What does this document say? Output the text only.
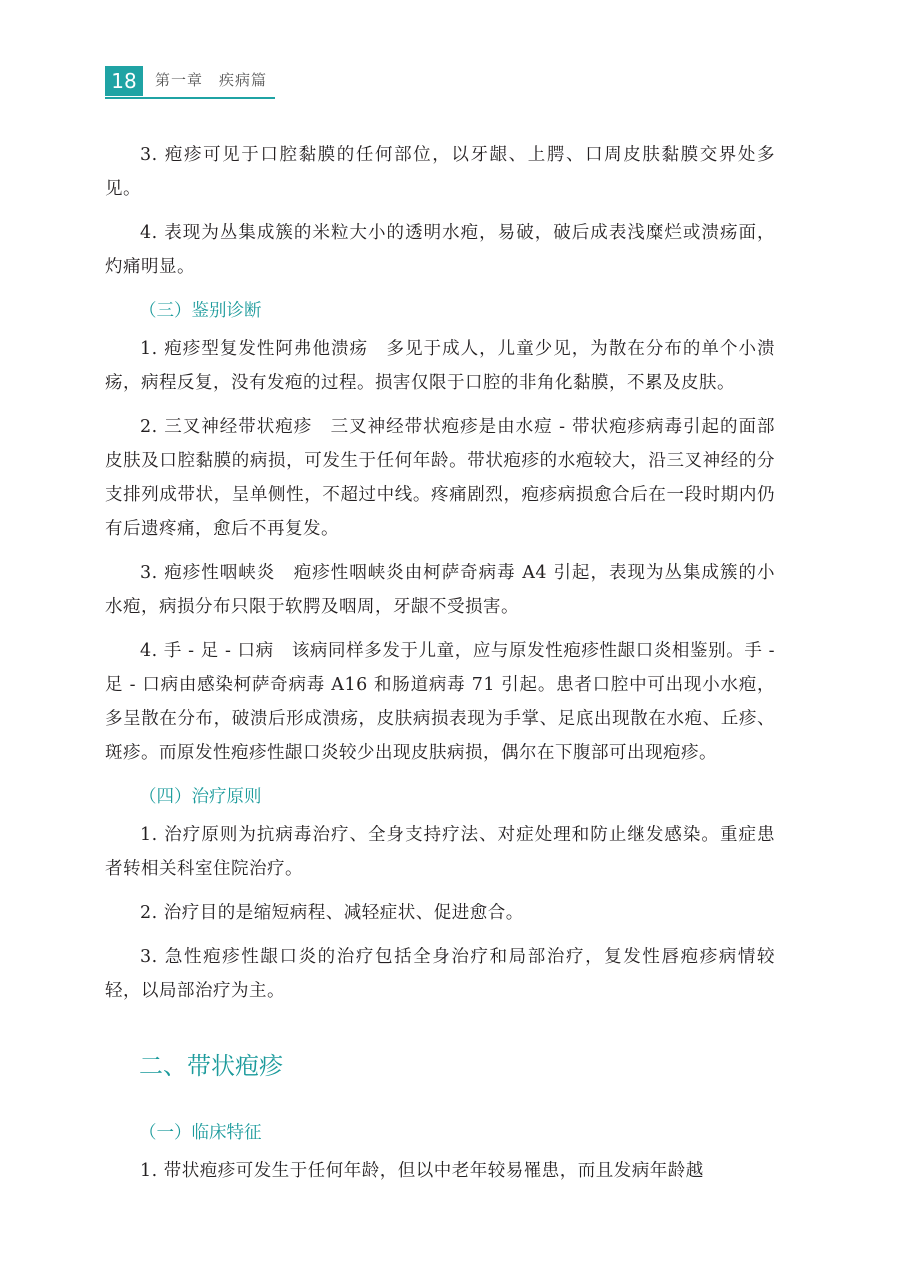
18	第一章　疾病篇

3. 疱疹可见于口腔黏膜的任何部位，以牙龈、上腭、口周皮肤黏膜交界处多见。

4. 表现为丛集成簇的米粒大小的透明水疱，易破，破后成表浅糜烂或溃疡面，灼痛明显。

（三）鉴别诊断

1. 疱疹型复发性阿弗他溃疡　多见于成人，儿童少见，为散在分布的单个小溃疡，病程反复，没有发疱的过程。损害仅限于口腔的非角化黏膜，不累及皮肤。

2. 三叉神经带状疱疹　三叉神经带状疱疹是由水痘 - 带状疱疹病毒引起的面部皮肤及口腔黏膜的病损，可发生于任何年龄。带状疱疹的水疱较大，沿三叉神经的分支排列成带状，呈单侧性，不超过中线。疼痛剧烈，疱疹病损愈合后在一段时期内仍有后遗疼痛，愈后不再复发。

3. 疱疹性咽峡炎　疱疹性咽峡炎由柯萨奇病毒 A4 引起，表现为丛集成簇的小水疱，病损分布只限于软腭及咽周，牙龈不受损害。

4. 手 - 足 - 口病　该病同样多发于儿童，应与原发性疱疹性龈口炎相鉴别。手 - 足 - 口病由感染柯萨奇病毒 A16 和肠道病毒 71 引起。患者口腔中可出现小水疱，多呈散在分布，破溃后形成溃疡，皮肤病损表现为手掌、足底出现散在水疱、丘疹、斑疹。而原发性疱疹性龈口炎较少出现皮肤病损，偶尔在下腹部可出现疱疹。

（四）治疗原则

1. 治疗原则为抗病毒治疗、全身支持疗法、对症处理和防止继发感染。重症患者转相关科室住院治疗。

2. 治疗目的是缩短病程、减轻症状、促进愈合。

3. 急性疱疹性龈口炎的治疗包括全身治疗和局部治疗，复发性唇疱疹病情较轻，以局部治疗为主。

二、带状疱疹
（一）临床特征

1. 带状疱疹可发生于任何年龄，但以中老年较易罹患，而且发病年龄越
